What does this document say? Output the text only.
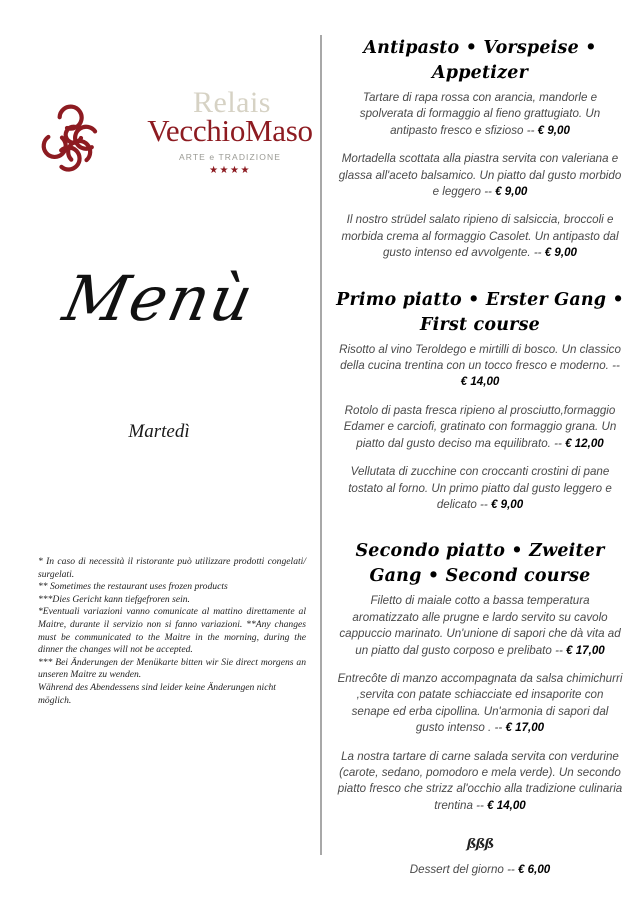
Relais
VecchioMaso
ARTE e TRADIZIONE
★★★★
Menù
Martedì

* In caso di necessità il ristorante può utilizzare prodotti congelati/ surgelati.

** Sometimes the restaurant uses frozen products

***Dies Gericht kann tiefgefroren sein.

*Eventuali variazioni vanno comunicate al mattino direttamente al Maitre, durante il servizio non si fanno variazioni. **Any changes must be communicated to the Maitre in the morning, during the dinner the changes will not be accepted.

*** Bei Änderungen der Menükarte bitten wir Sie direct morgens an unseren Maitre zu wenden.

Während des Abendessens sind leider keine Änderungen nicht möglich.

Antipasto • Vorspeise • Appetizer
Tartare di rapa rossa con arancia, mandorle e spolverata di formaggio al fieno grattugiato. Un antipasto fresco e sfizioso -- € 9,00
Mortadella scottata alla piastra servita con valeriana e glassa all'aceto balsamico. Un piatto dal gusto morbido e leggero -- € 9,00
Il nostro strüdel salato ripieno di salsiccia, broccoli e morbida crema al formaggio Casolet. Un antipasto dal gusto intenso ed avvolgente. -- € 9,00
Primo piatto • Erster Gang • First course
Risotto al vino Teroldego e mirtilli di bosco. Un classico della cucina trentina con un tocco fresco e moderno. -- € 14,00
Rotolo di pasta fresca ripieno al prosciutto,formaggio Edamer e carciofi, gratinato con formaggio grana. Un piatto dal gusto deciso ma equilibrato. -- € 12,00
Vellutata di zucchine con croccanti crostini di pane tostato al forno. Un primo piatto dal gusto leggero e delicato -- € 9,00
Secondo piatto • Zweiter Gang • Second course
Filetto di maiale cotto a bassa temperatura aromatizzato alle prugne e lardo servito su cavolo cappuccio marinato. Un'unione di sapori che dà vita ad un piatto dal gusto corposo e prelibato -- € 17,00
Entrecôte di manzo accompagnata da salsa chimichurri ,servita con patate schiacciate ed insaporite con senape ed erba cipollina. Un'armonia di sapori dal gusto intenso . -- € 17,00
La nostra tartare di carne salada servita con verdurine (carote, sedano, pomodoro e mela verde). Un secondo piatto fresco che strizz al'occhio alla tradizione culinaria trentina -- € 14,00
ßßß
Dessert del giorno -- € 6,00
